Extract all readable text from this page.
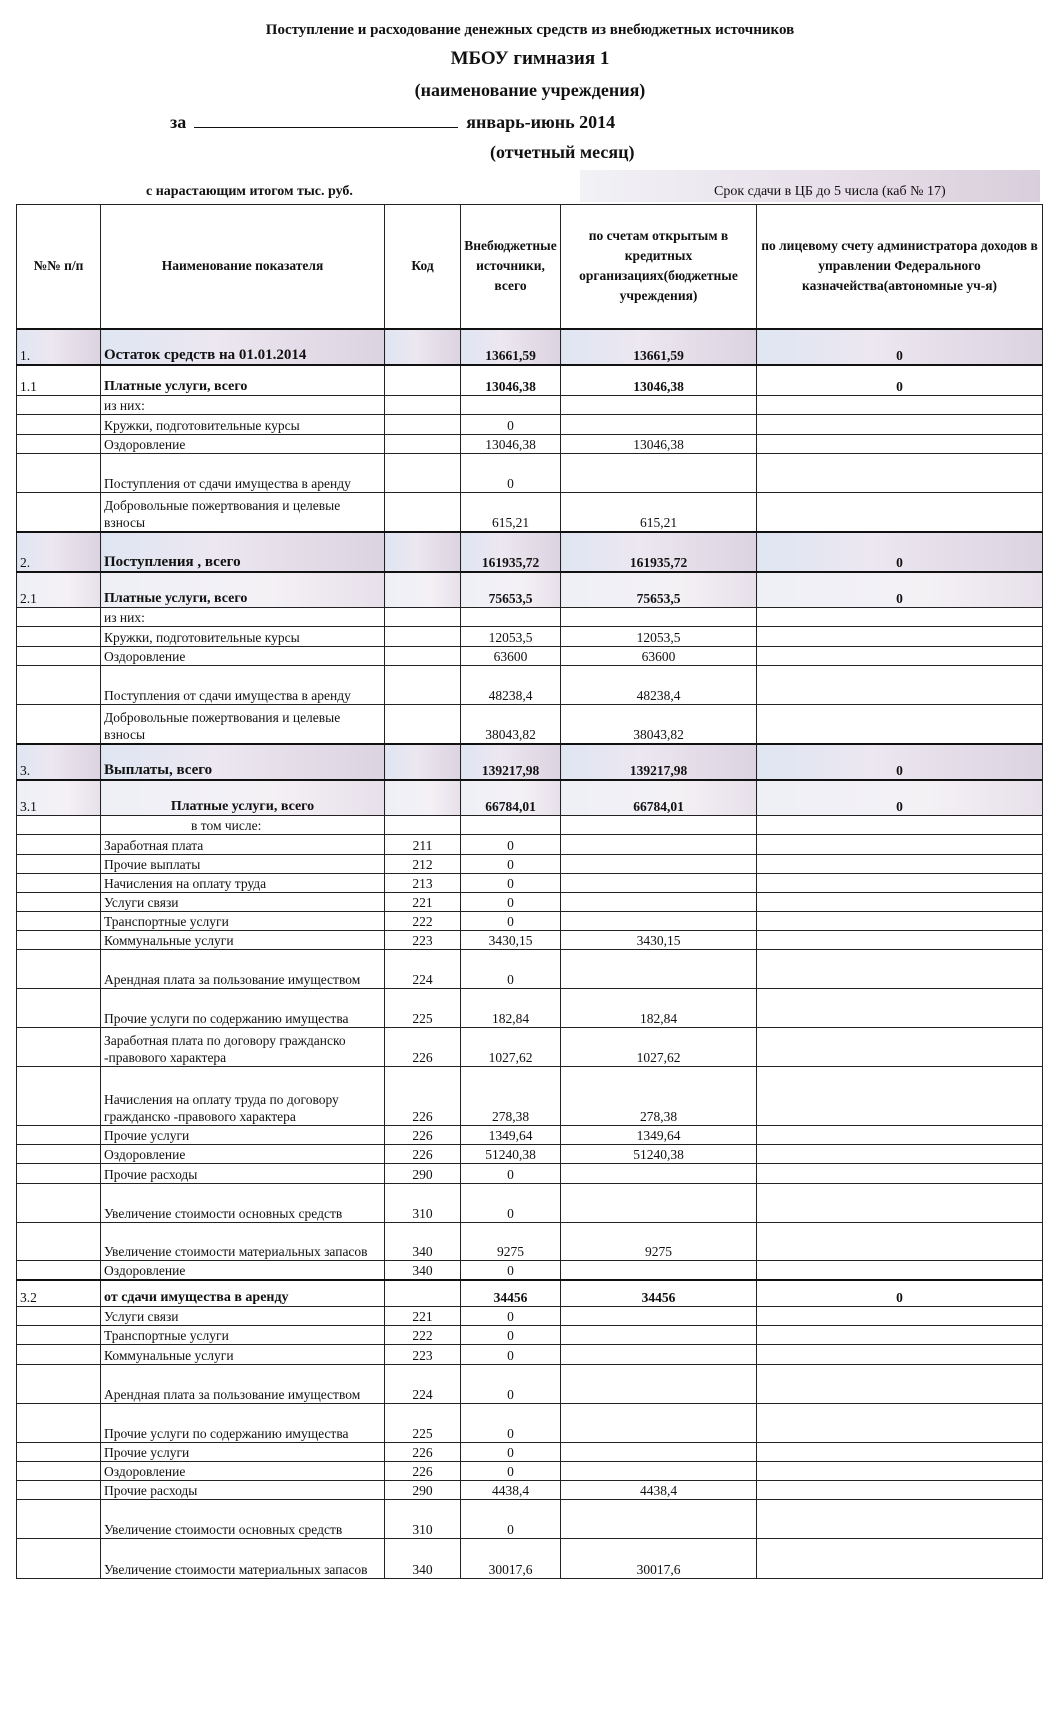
Поступление и расходование денежных средств из внебюджетных источников
МБОУ гимназия 1
(наименование учреждения)
за	январь-июнь 2014
(отчетный месяц)
с нарастающим итогом тыс. руб.	Срок сдачи в ЦБ до 5 числа (каб № 17)
№№ п/п	Наименование показателя	Код	Внебюджетные источники, всего	по счетам открытым в кредитных организациях(бюджетные учреждения)	по лицевому счету администратора доходов в управлении Федерального казначейства(автономные уч-я)
1.	Остаток средств на 01.01.2014		13661,59	13661,59	0
1.1	Платные услуги, всего		13046,38	13046,38	0
	из них:				
	Кружки, подготовительные курсы		0		
	Оздоровление		13046,38	13046,38	
	Поступления от сдачи имущества в аренду		0		
	Добровольные пожертвования и целевые взносы		615,21	615,21	
2.	Поступления , всего		161935,72	161935,72	0
2.1	Платные услуги, всего		75653,5	75653,5	0
	из них:				
	Кружки, подготовительные курсы		12053,5	12053,5	
	Оздоровление		63600	63600	
	Поступления от сдачи имущества в аренду		48238,4	48238,4	
	Добровольные пожертвования и целевые взносы		38043,82	38043,82	
3.	Выплаты, всего		139217,98	139217,98	0
3.1	Платные услуги, всего		66784,01	66784,01	0
	в том числе:				
	Заработная плата	211	0		
	Прочие выплаты	212	0		
	Начисления на оплату труда	213	0		
	Услуги связи	221	0		
	Транспортные услуги	222	0		
	Коммунальные услуги	223	3430,15	3430,15	
	Арендная плата за пользование имуществом	224	0		
	Прочие услуги по содержанию имущества	225	182,84	182,84	
	Заработная плата по договору гражданско -правового характера	226	1027,62	1027,62	
	Начисления на оплату труда по договору гражданско -правового характера	226	278,38	278,38	
	Прочие услуги	226	1349,64	1349,64	
	Оздоровление	226	51240,38	51240,38	
	Прочие расходы	290	0		
	Увеличение стоимости основных средств	310	0		
	Увеличение стоимости материальных запасов	340	9275	9275	
	Оздоровление	340	0		
3.2	от сдачи имущества в аренду		34456	34456	0
	Услуги связи	221	0		
	Транспортные услуги	222	0		
	Коммунальные услуги	223	0		
	Арендная плата за пользование имуществом	224	0		
	Прочие услуги по содержанию имущества	225	0		
	Прочие услуги	226	0		
	Оздоровление	226	0		
	Прочие расходы	290	4438,4	4438,4	
	Увеличение стоимости основных средств	310	0		
	Увеличение стоимости материальных запасов	340	30017,6	30017,6	
